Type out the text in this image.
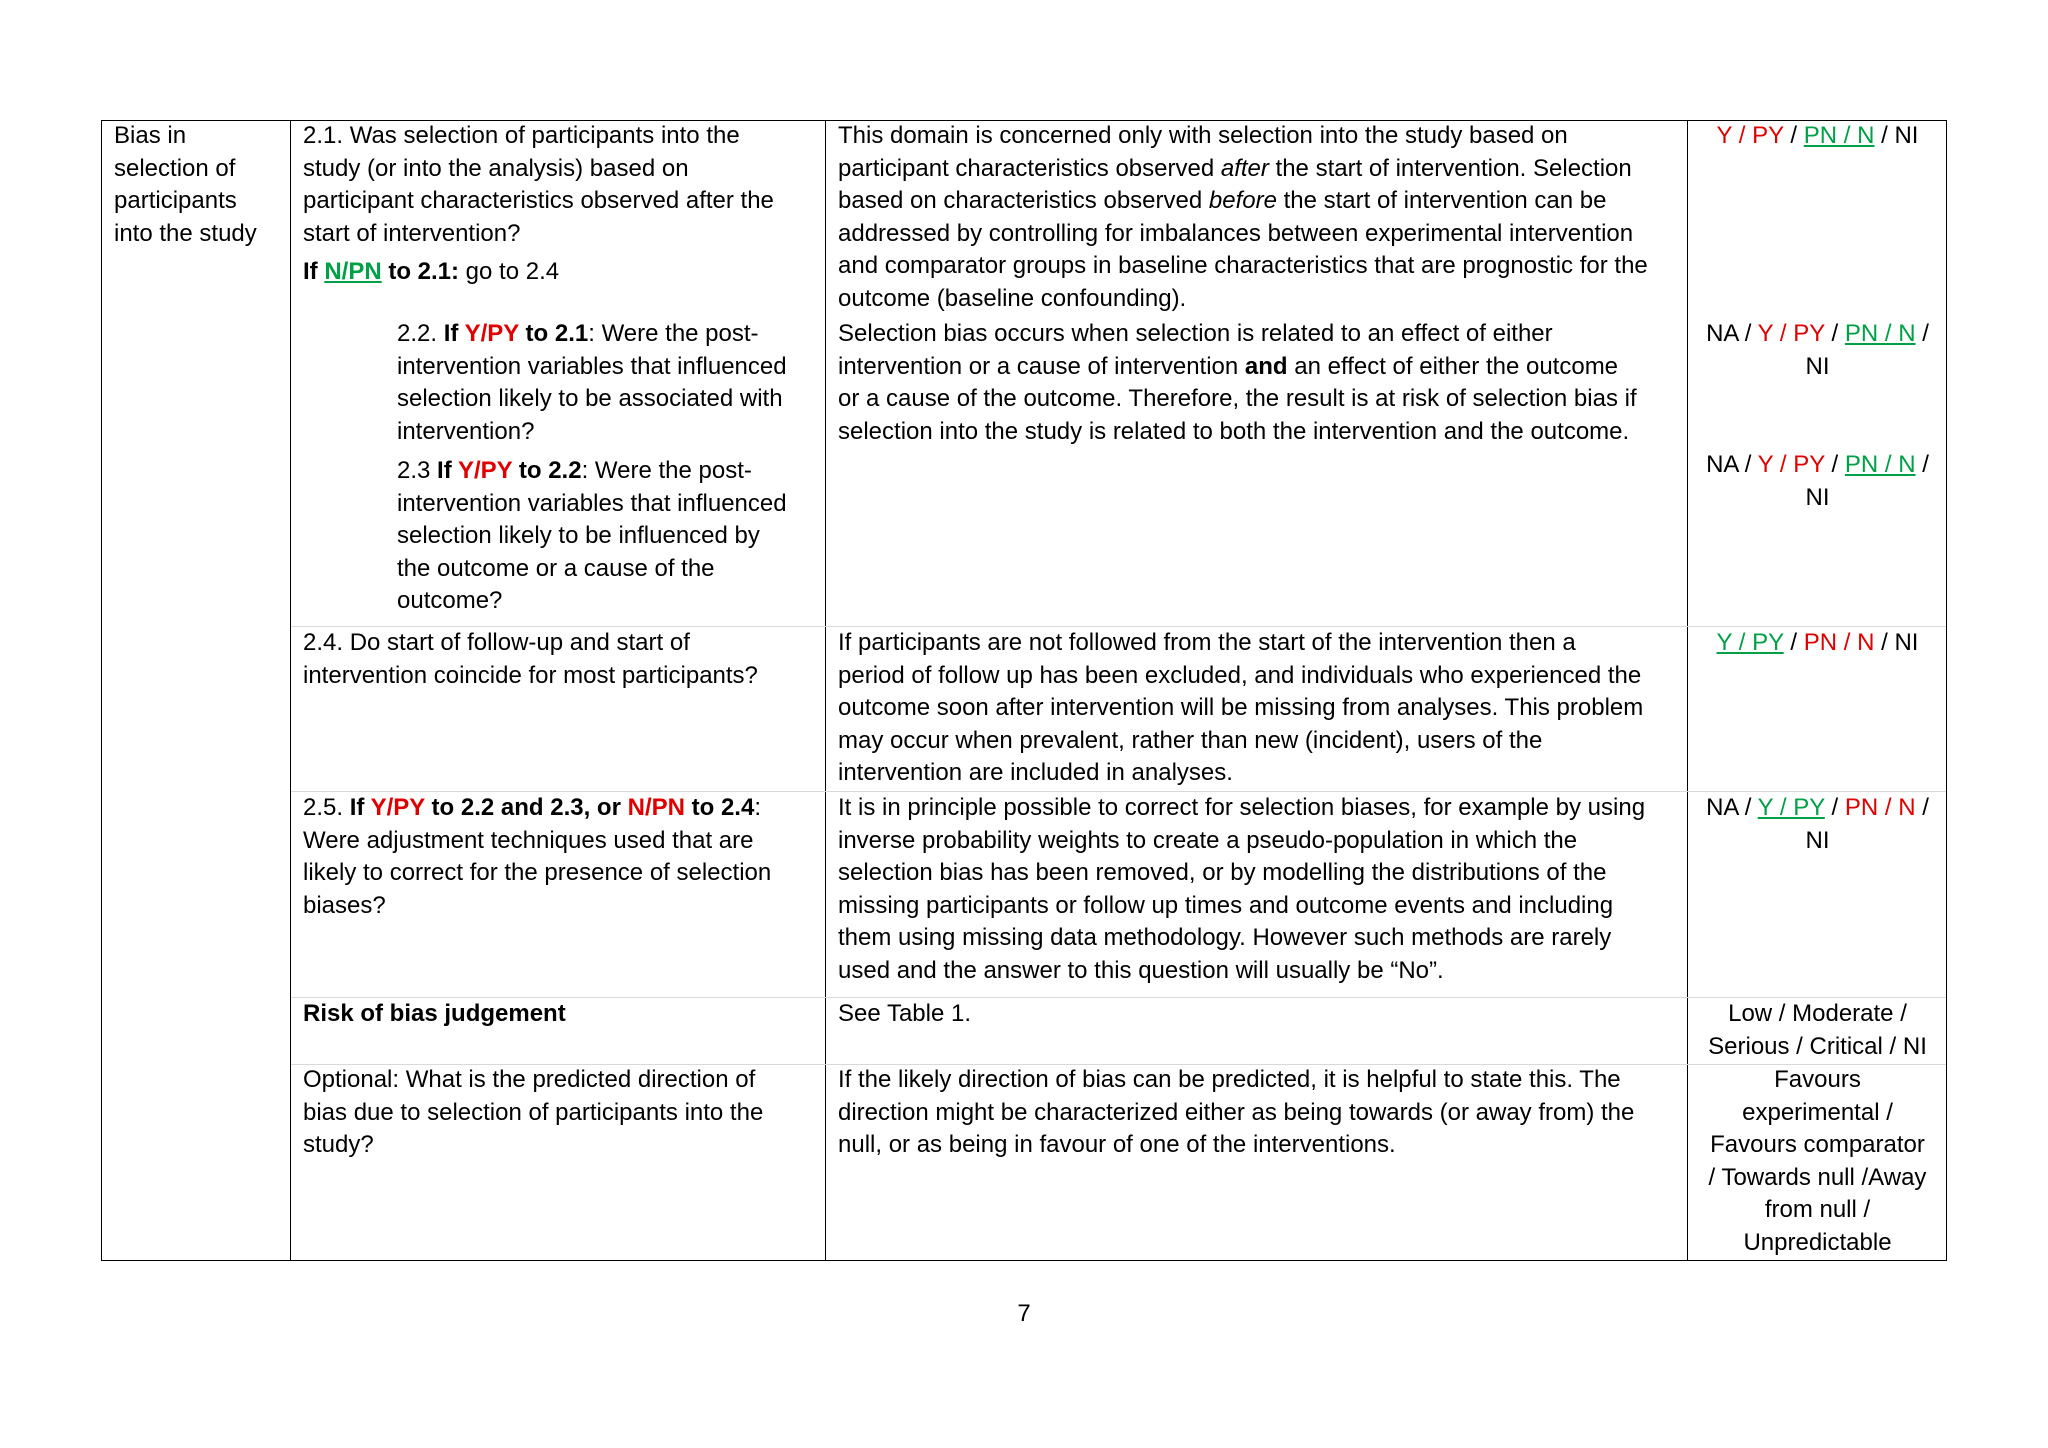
Bias in
selection of
participants
into the study
2.1. Was selection of participants into the
study (or into the analysis) based on
participant characteristics observed after the
start of intervention?
If N/PN to 2.1: go to 2.4
This domain is concerned only with selection into the study based on
participant characteristics observed after the start of intervention. Selection
based on characteristics observed before the start of intervention can be
addressed by controlling for imbalances between experimental intervention
and comparator groups in baseline characteristics that are prognostic for the
outcome (baseline confounding).
Y / PY / PN / N / NI
2.2. If Y/PY to 2.1: Were the post-
intervention variables that influenced
selection likely to be associated with
intervention?
Selection bias occurs when selection is related to an effect of either
intervention or a cause of intervention and an effect of either the outcome
or a cause of the outcome. Therefore, the result is at risk of selection bias if
selection into the study is related to both the intervention and the outcome.
NA / Y / PY / PN / N /
NI
2.3 If Y/PY to 2.2: Were the post-
intervention variables that influenced
selection likely to be influenced by
the outcome or a cause of the
outcome?
NA / Y / PY / PN / N /
NI
2.4. Do start of follow-up and start of
intervention coincide for most participants?
If participants are not followed from the start of the intervention then a
period of follow up has been excluded, and individuals who experienced the
outcome soon after intervention will be missing from analyses. This problem
may occur when prevalent, rather than new (incident), users of the
intervention are included in analyses.
Y / PY / PN / N / NI
2.5. If Y/PY to 2.2 and 2.3, or N/PN to 2.4:
Were adjustment techniques used that are
likely to correct for the presence of selection
biases?
It is in principle possible to correct for selection biases, for example by using
inverse probability weights to create a pseudo-population in which the
selection bias has been removed, or by modelling the distributions of the
missing participants or follow up times and outcome events and including
them using missing data methodology. However such methods are rarely
used and the answer to this question will usually be “No”.
NA / Y / PY / PN / N /
NI
Risk of bias judgement	See Table 1.	Low / Moderate /
Serious / Critical / NI
Optional: What is the predicted direction of
bias due to selection of participants into the
study?
If the likely direction of bias can be predicted, it is helpful to state this. The
direction might be characterized either as being towards (or away from) the
null, or as being in favour of one of the interventions.
Favours
experimental /
Favours comparator
/ Towards null /Away
from null /
Unpredictable
7
